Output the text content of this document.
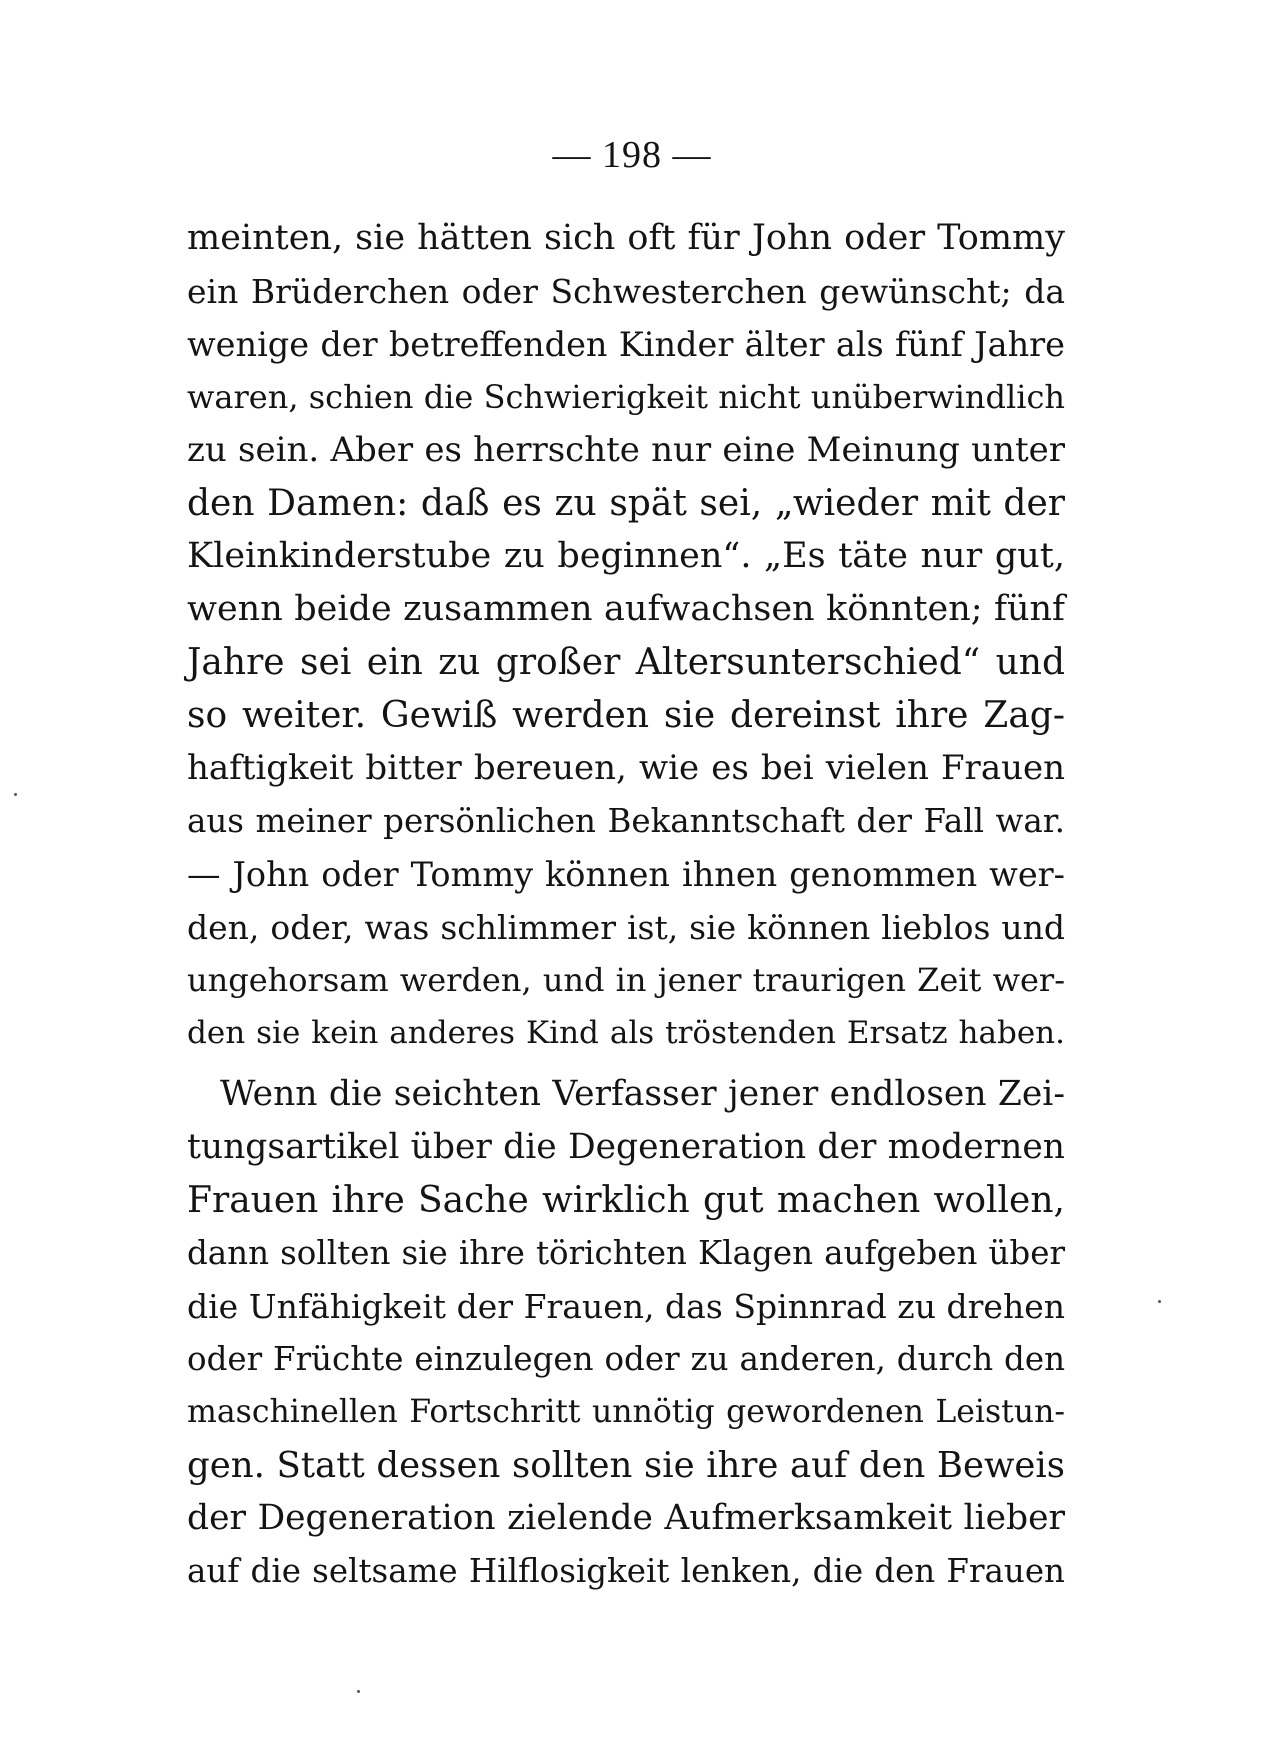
— 198 —
meinten, sie hätten sich oft für John oder Tommy
ein Brüderchen oder Schwesterchen gewünscht; da
wenige der betreffenden Kinder älter als fünf Jahre
waren, schien die Schwierigkeit nicht unüberwindlich
zu sein. Aber es herrschte nur eine Meinung unter
den Damen: daß es zu spät sei, „wieder mit der
Kleinkinderstube zu beginnen“. „Es täte nur gut,
wenn beide zusammen aufwachsen könnten; fünf
Jahre sei ein zu großer Altersunterschied“ und
so weiter. Gewiß werden sie dereinst ihre Zag-
haftigkeit bitter bereuen, wie es bei vielen Frauen
aus meiner persönlichen Bekanntschaft der Fall war.
— John oder Tommy können ihnen genommen wer-
den, oder, was schlimmer ist, sie können lieblos und
ungehorsam werden, und in jener traurigen Zeit wer-
den sie kein anderes Kind als tröstenden Ersatz haben.
Wenn die seichten Verfasser jener endlosen Zei-
tungsartikel über die Degeneration der modernen
Frauen ihre Sache wirklich gut machen wollen,
dann sollten sie ihre törichten Klagen aufgeben über
die Unfähigkeit der Frauen, das Spinnrad zu drehen
oder Früchte einzulegen oder zu anderen, durch den
maschinellen Fortschritt unnötig gewordenen Leistun-
gen. Statt dessen sollten sie ihre auf den Beweis
der Degeneration zielende Aufmerksamkeit lieber
auf die seltsame Hilflosigkeit lenken, die den Frauen
